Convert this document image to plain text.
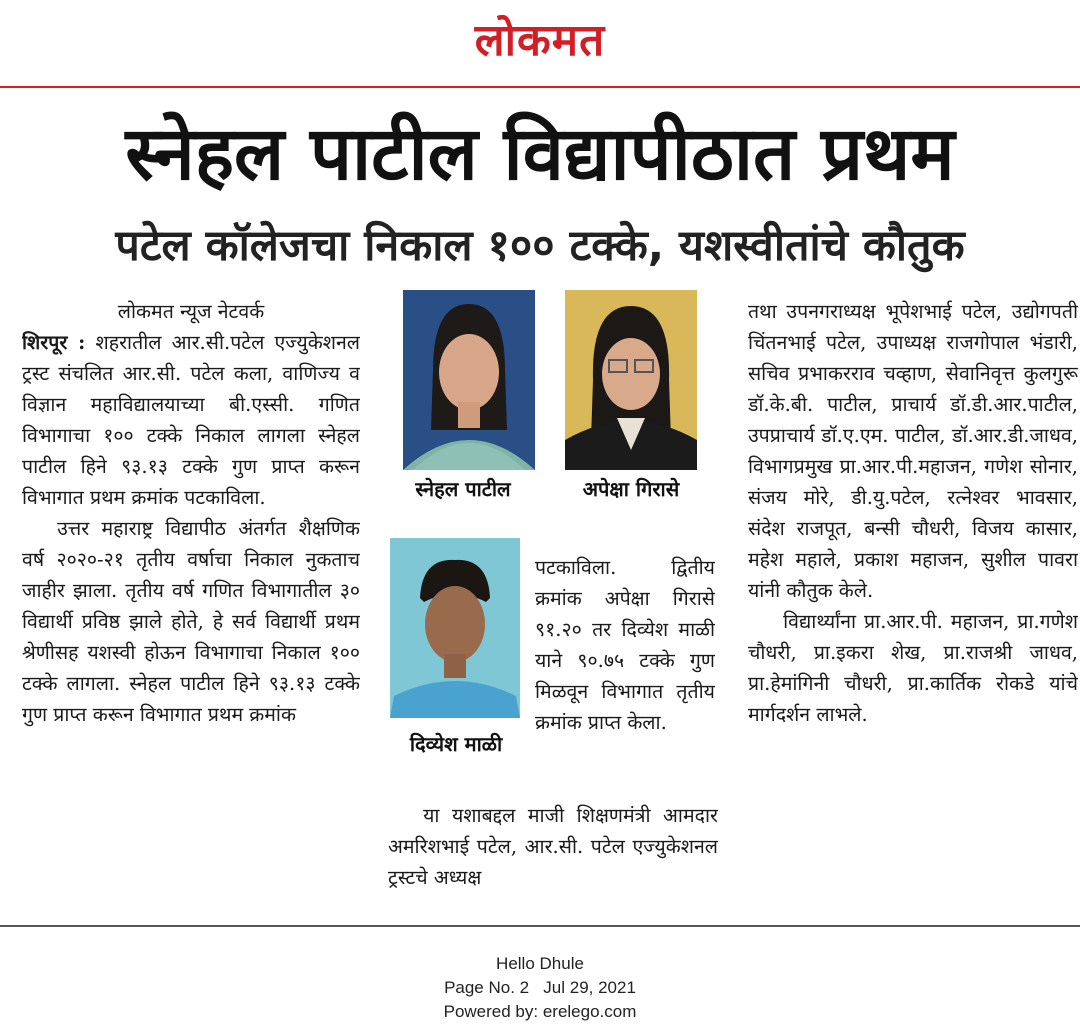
लोकमत
स्नेहल पाटील विद्यापीठात प्रथम
पटेल कॉलेजचा निकाल १०० टक्के, यशस्वीतांचे कौतुक

लोकमत न्यूज नेटवर्क

शिरपूर : शहरातील आर.सी.पटेल एज्युकेशनल ट्रस्ट संचलित आर.सी. पटेल कला, वाणिज्य व विज्ञान महाविद्यालयाच्या बी.एस्सी. गणित विभागाचा १०० टक्के निकाल लागला स्नेहल पाटील हिने ९३.१३ टक्के गुण प्राप्त करून विभागात प्रथम क्रमांक पटकाविला.

उत्तर महाराष्ट्र विद्यापीठ अंतर्गत शैक्षणिक वर्ष २०२०-२१ तृतीय वर्षाचा निकाल नुकताच जाहीर झाला. तृतीय वर्ष गणित विभागातील ३० विद्यार्थी प्रविष्ठ झाले होते, हे सर्व विद्यार्थी प्रथम श्रेणीसह यशस्वी होऊन विभागाचा निकाल १०० टक्के लागला. स्नेहल पाटील हिने ९३.१३ टक्के गुण प्राप्त करून विभागात प्रथम क्रमांक

स्नेहल पाटील	अपेक्षा गिरासे
दिव्येश माळी

पटकाविला. द्वितीय क्रमांक अपेक्षा गिरासे ९१.२० तर दिव्येश माळी याने ९०.७५ टक्के गुण मिळवून विभागात तृतीय क्रमांक प्राप्त केला.

या यशाबद्दल माजी शिक्षणमंत्री आमदार अमरिशभाई पटेल, आर.सी. पटेल एज्युकेशनल ट्रस्टचे अध्यक्ष

तथा उपनगराध्यक्ष भूपेशभाई पटेल, उद्योगपती चिंतनभाई पटेल, उपाध्यक्ष राजगोपाल भंडारी, सचिव प्रभाकरराव चव्हाण, सेवानिवृत्त कुलगुरू डॉ.के.बी. पाटील, प्राचार्य डॉ.डी.आर.पाटील, उपप्राचार्य डॉ.ए.एम. पाटील, डॉ.आर.डी.जाधव, विभागप्रमुख प्रा.आर.पी.महाजन, गणेश सोनार, संजय मोरे, डी.यु.पटेल, रत्नेश्वर भावसार, संदेश राजपूत, बन्सी चौधरी, विजय कासार, महेश महाले, प्रकाश महाजन, सुशील पावरा यांनी कौतुक केले.

विद्यार्थ्यांना प्रा.आर.पी. महाजन, प्रा.गणेश चौधरी, प्रा.इकरा शेख, प्रा.राजश्री जाधव, प्रा.हेमांगिनी चौधरी, प्रा.कार्तिक रोकडे यांचे मार्गदर्शन लाभले.

Hello Dhule
Page No. 2   Jul 29, 2021
Powered by: erelego.com
